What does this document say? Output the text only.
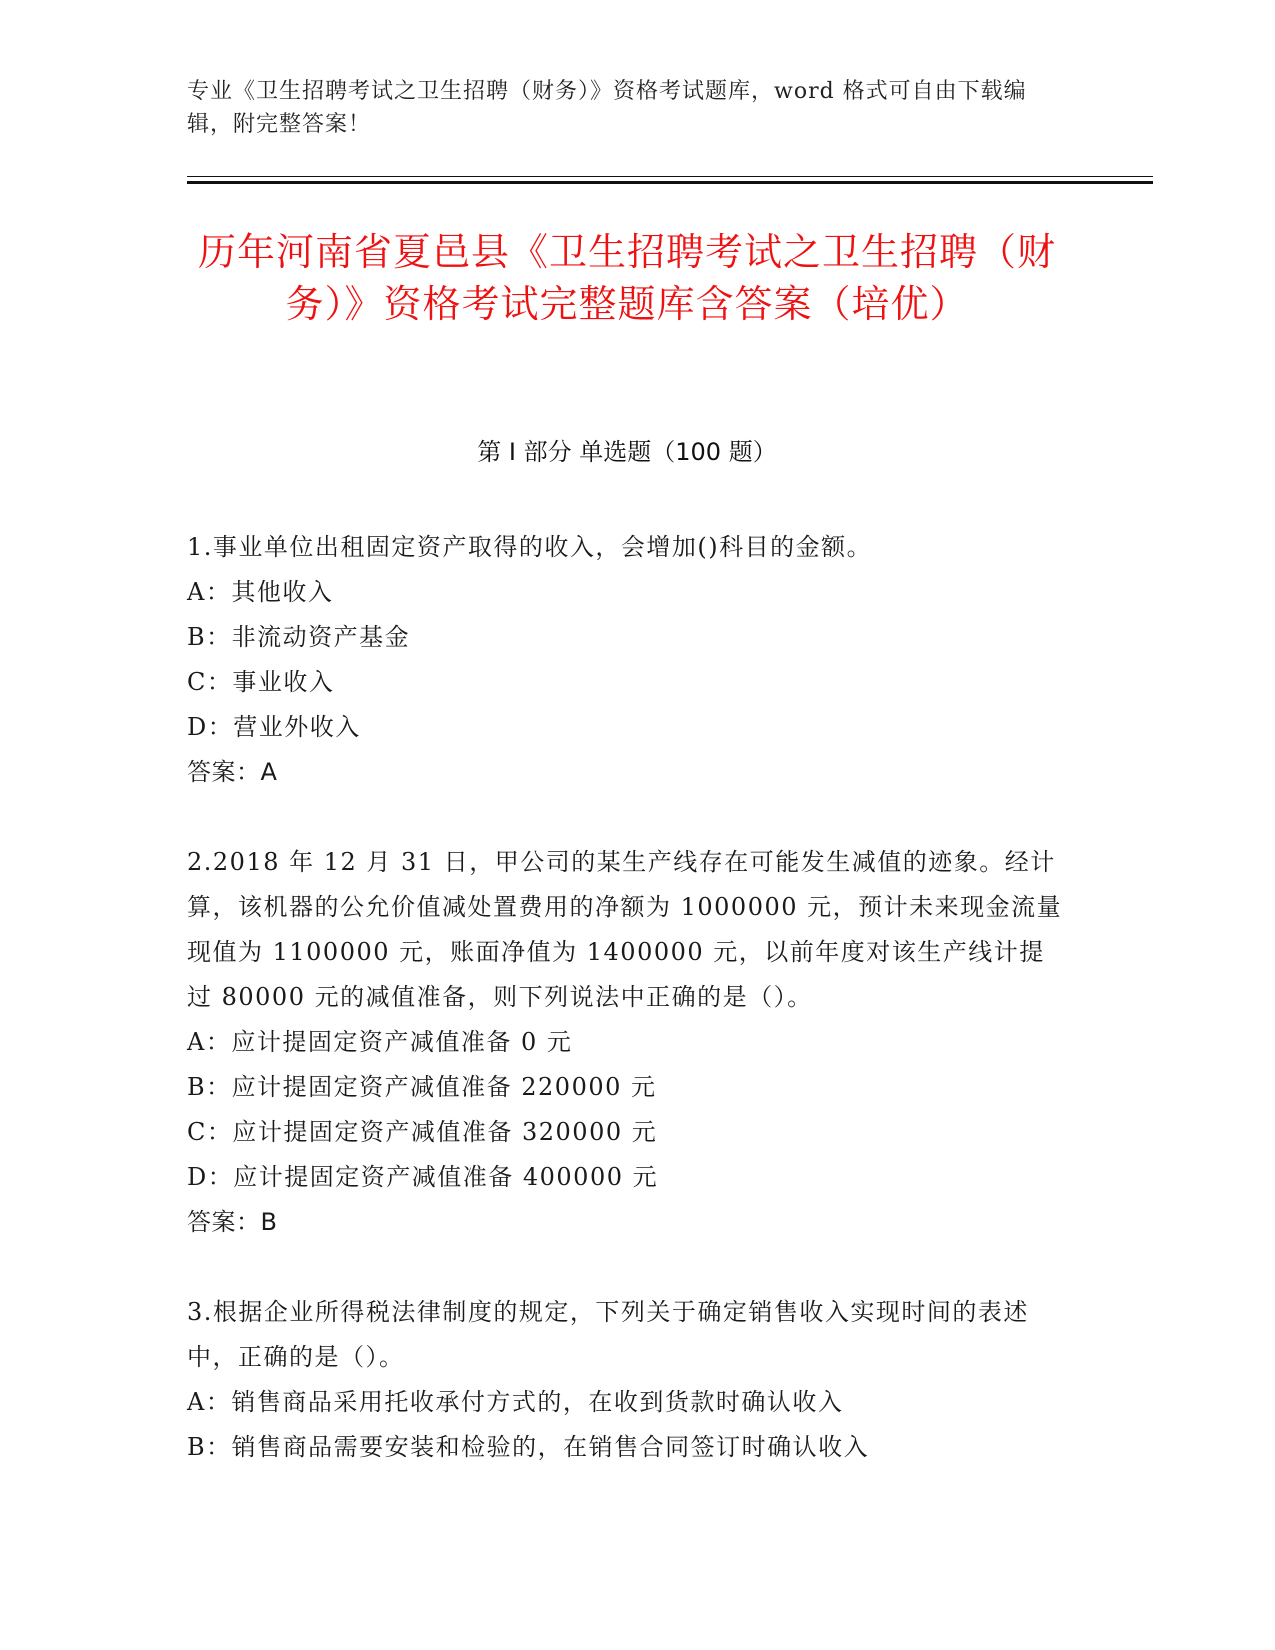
专业《卫生招聘考试之卫生招聘（财务）》资格考试题库，word 格式可自由下载编辑，附完整答案！
历年河南省夏邑县《卫生招聘考试之卫生招聘（财务）》资格考试完整题库含答案（培优）
第 I 部分 单选题（100 题）
1.事业单位出租固定资产取得的收入，会增加()科目的金额。
A：其他收入
B：非流动资产基金
C：事业收入
D：营业外收入
答案：A
2.2018 年 12 月 31 日，甲公司的某生产线存在可能发生减值的迹象。经计算，该机器的公允价值减处置费用的净额为 1000000 元，预计未来现金流量现值为 1100000 元，账面净值为 1400000 元，以前年度对该生产线计提过 80000 元的减值准备，则下列说法中正确的是（）。
A：应计提固定资产减值准备 0 元
B：应计提固定资产减值准备 220000 元
C：应计提固定资产减值准备 320000 元
D：应计提固定资产减值准备 400000 元
答案：B
3.根据企业所得税法律制度的规定，下列关于确定销售收入实现时间的表述中，正确的是（）。
A：销售商品采用托收承付方式的，在收到货款时确认收入
B：销售商品需要安装和检验的，在销售合同签订时确认收入
